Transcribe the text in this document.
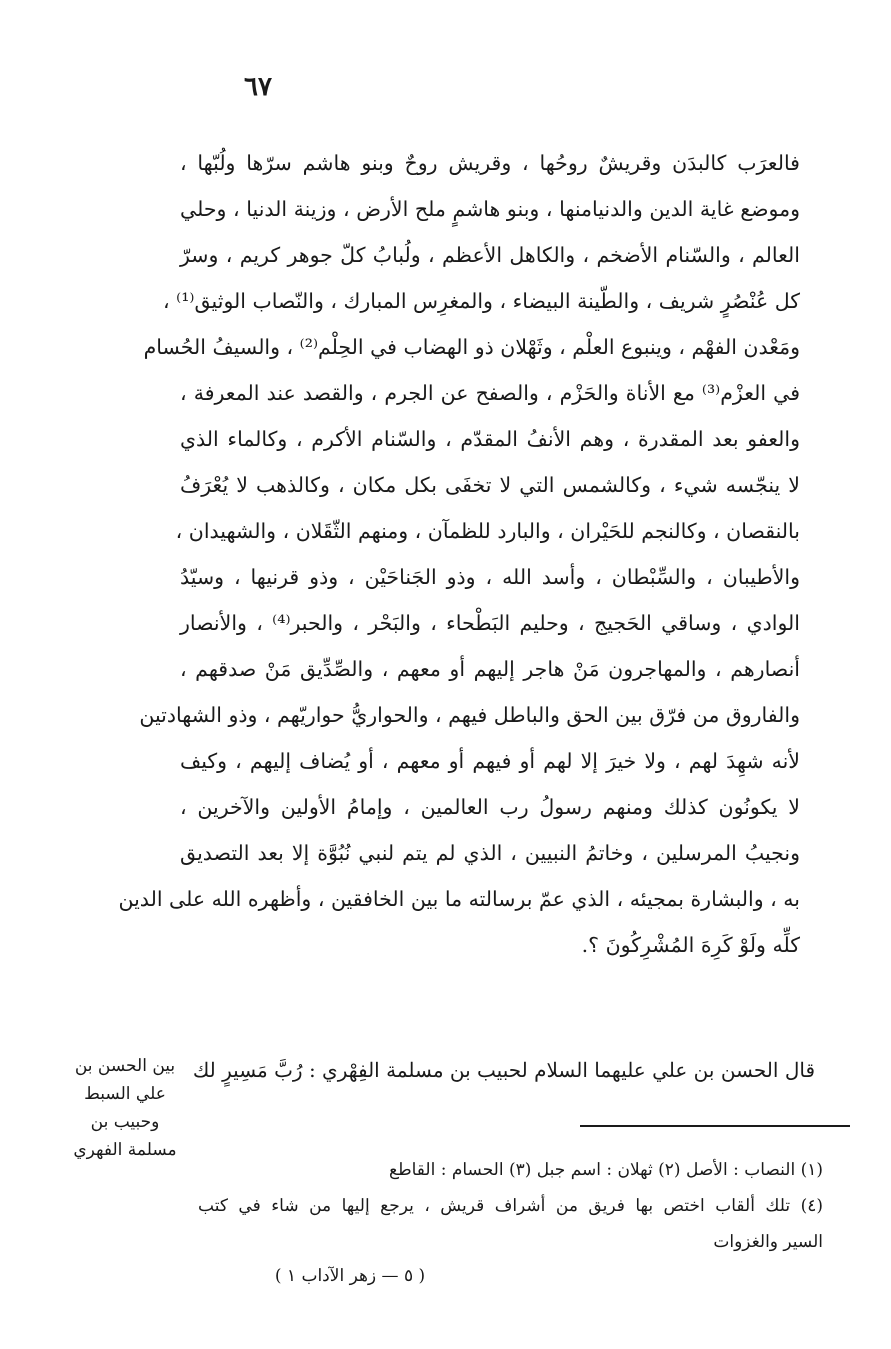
٦٧
فالعرَب كالبدَن وقريشٌ روحُها ، وقريش روحٌ وبنو هاشم سرّها ولُبّها ،
وموضع غاية الدين والدنيامنها ، وبنو هاشمٍ ملح الأرض ، وزينة الدنيا ، وحلي
العالم ، والسّنام الأضخم ، والكاهل الأعظم ، ولُبابُ كلّ جوهر كريم ، وسرّ
كل عُنْصُرٍ شريف ، والطّينة البيضاء ، والمغرِس المبارك ، والنّصاب الوثيق⁽¹⁾ ،
ومَعْدن الفهْم ، وينبوع العلْم ، وثَهْلان ذو الهضاب في الحِلْم⁽²⁾ ، والسيفُ الحُسام
في العزْم⁽³⁾ مع الأناة والحَزْم ، والصفح عن الجرم ، والقصد عند المعرفة ،
والعفو بعد المقدرة ، وهم الأنفُ المقدّم ، والسّنام الأكرم ، وكالماء الذي
لا ينجّسه شيء ، وكالشمس التي لا تخفَى بكل مكان ، وكالذهب لا يُعْرَفُ
بالنقصان ، وكالنجم للحَيْران ، والبارد للظمآن ، ومنهم الثّقَلان ، والشهيدان ،
والأطيبان ، والسِّبْطان ، وأسد الله ، وذو الجَناحَيْن ، وذو قرنيها ، وسيّدُ
الوادي ، وساقي الحَجيج ، وحليم البَطْحاء ، والبَحْر ، والحبر⁽⁴⁾ ، والأنصار
أنصارهم ، والمهاجرون مَنْ هاجر إليهم أو معهم ، والصِّدِّيق مَنْ صدقهم ،
والفاروق من فرّق بين الحق والباطل فيهم ، والحواريُّ حواريّهم ، وذو الشهادتين
لأنه شهِدَ لهم ، ولا خيرَ إلا لهم أو فيهم أو معهم ، أو يُضاف إليهم ، وكيف
لا يكونُون كذلك ومنهم رسولُ رب العالمين ، وإمامُ الأولين والآخرين ،
ونجيبُ المرسلين ، وخاتمُ النبيين ، الذي لم يتم لنبي نُبُوَّة إلا بعد التصديق
به ، والبشارة بمجيئه ، الذي عمّ برسالته ما بين الخافقين ، وأظهره الله على الدين
كلِّه ولَوْ كَرِهَ المُشْرِكُونَ ؟.
قال الحسن بن علي عليهما السلام لحبيب بن مسلمة الفِهْري : رُبَّ مَسِيرٍ لك
بين الحسن بن
علي السبط
وحبيب بن
مسلمة الفهري
(١) النصاب : الأصل (٢) ثهلان : اسم جبل (٣) الحسام : القاطع
(٤) تلك ألقاب اختص بها فريق من أشراف قريش ، يرجع إليها من شاء في كتب
السير والغزوات
( ٥ — زهر الآداب ١ )
